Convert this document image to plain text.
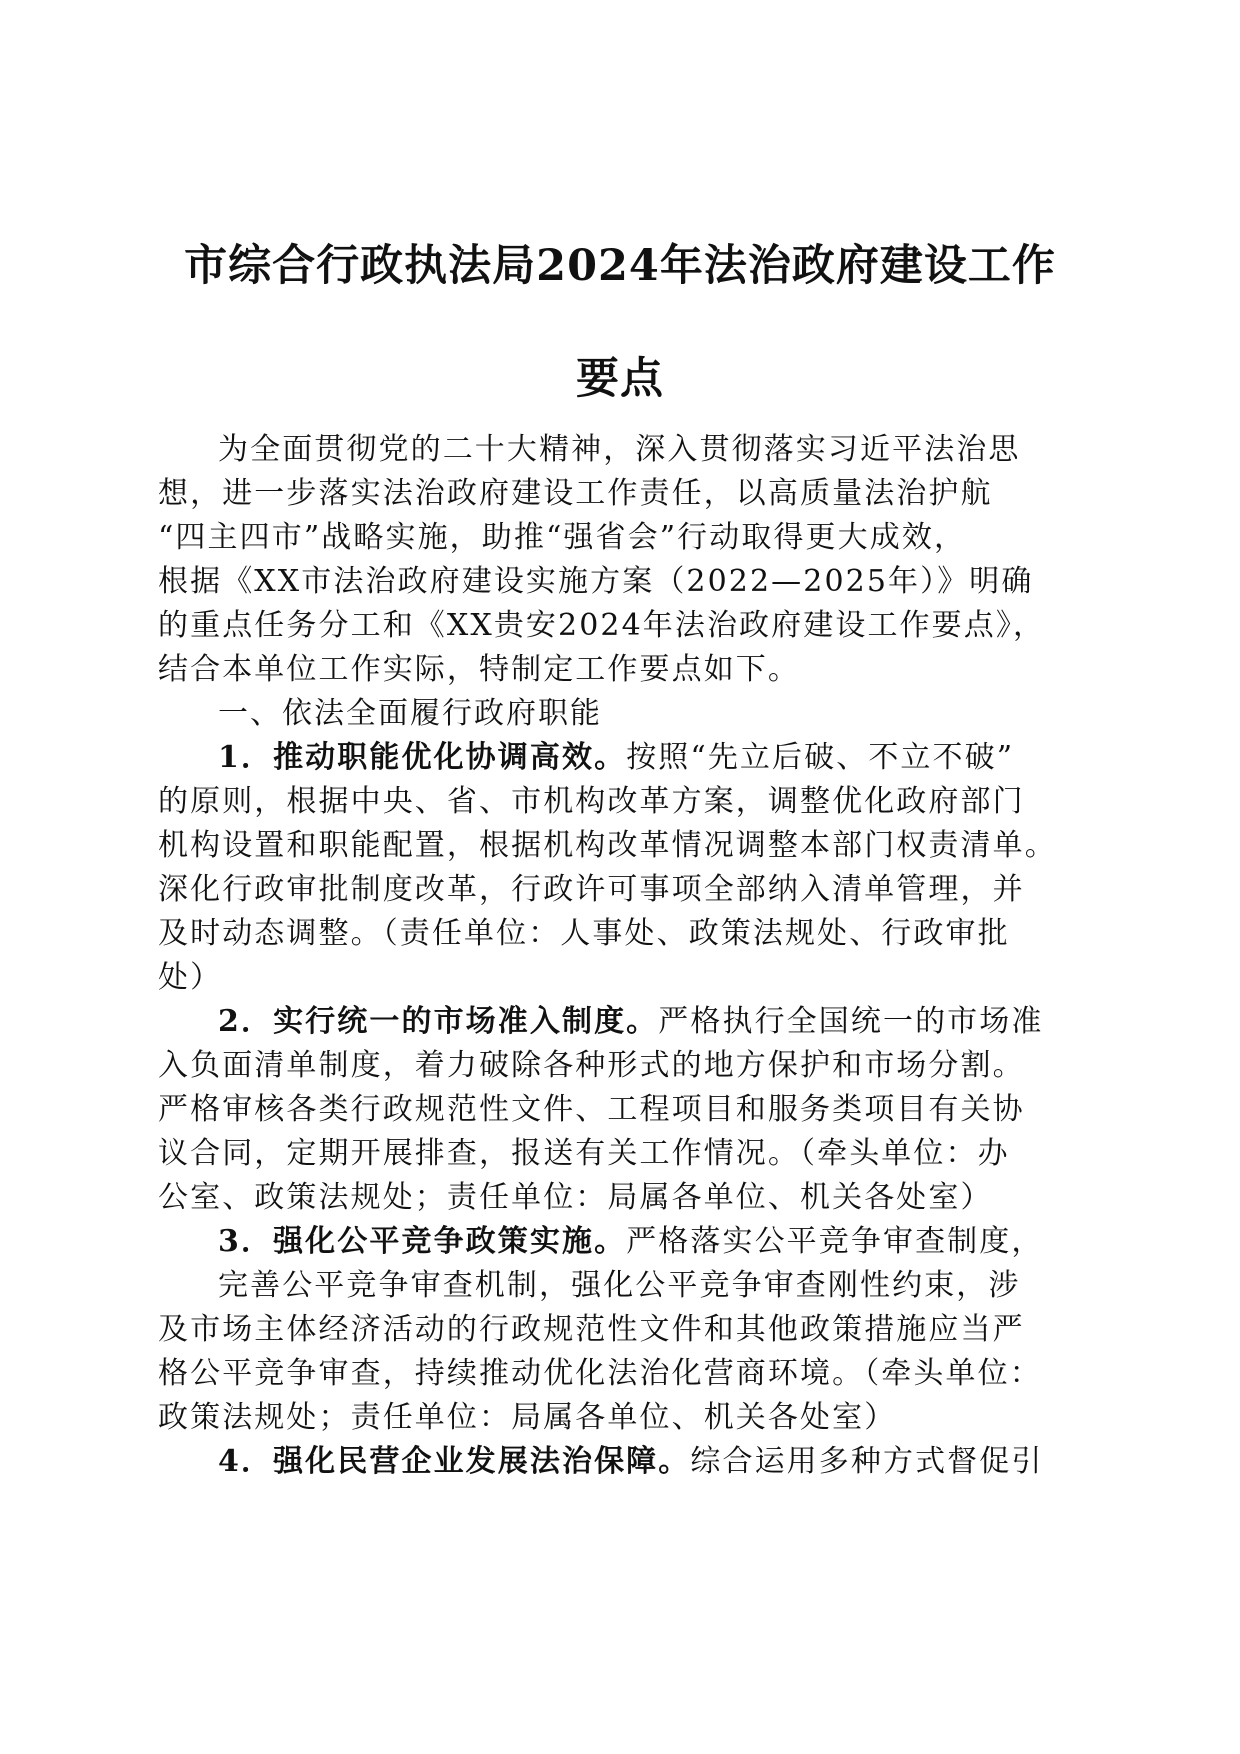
市综合行政执法局2024年法治政府建设工作
要点

为全面贯彻党的二十大精神，深入贯彻落实习近平法治思

想，进一步落实法治政府建设工作责任，以高质量法治护航

“四主四市”战略实施，助推“强省会”行动取得更大成效，

根据《XX市法治政府建设实施方案（2022—2025年）》明确

的重点任务分工和《XX贵安2024年法治政府建设工作要点》，

结合本单位工作实际，特制定工作要点如下。

一、依法全面履行政府职能

1．推动职能优化协调高效。按照“先立后破、不立不破”

的原则，根据中央、省、市机构改革方案，调整优化政府部门

机构设置和职能配置，根据机构改革情况调整本部门权责清单。

深化行政审批制度改革，行政许可事项全部纳入清单管理，并

及时动态调整。（责任单位：人事处、政策法规处、行政审批

处）

2．实行统一的市场准入制度。严格执行全国统一的市场准

入负面清单制度，着力破除各种形式的地方保护和市场分割。

严格审核各类行政规范性文件、工程项目和服务类项目有关协

议合同，定期开展排查，报送有关工作情况。（牵头单位：办

公室、政策法规处；责任单位：局属各单位、机关各处室）

3．强化公平竞争政策实施。严格落实公平竞争审查制度，

完善公平竞争审查机制，强化公平竞争审查刚性约束，涉

及市场主体经济活动的行政规范性文件和其他政策措施应当严

格公平竞争审查，持续推动优化法治化营商环境。（牵头单位：

政策法规处；责任单位：局属各单位、机关各处室）

4．强化民营企业发展法治保障。综合运用多种方式督促引
